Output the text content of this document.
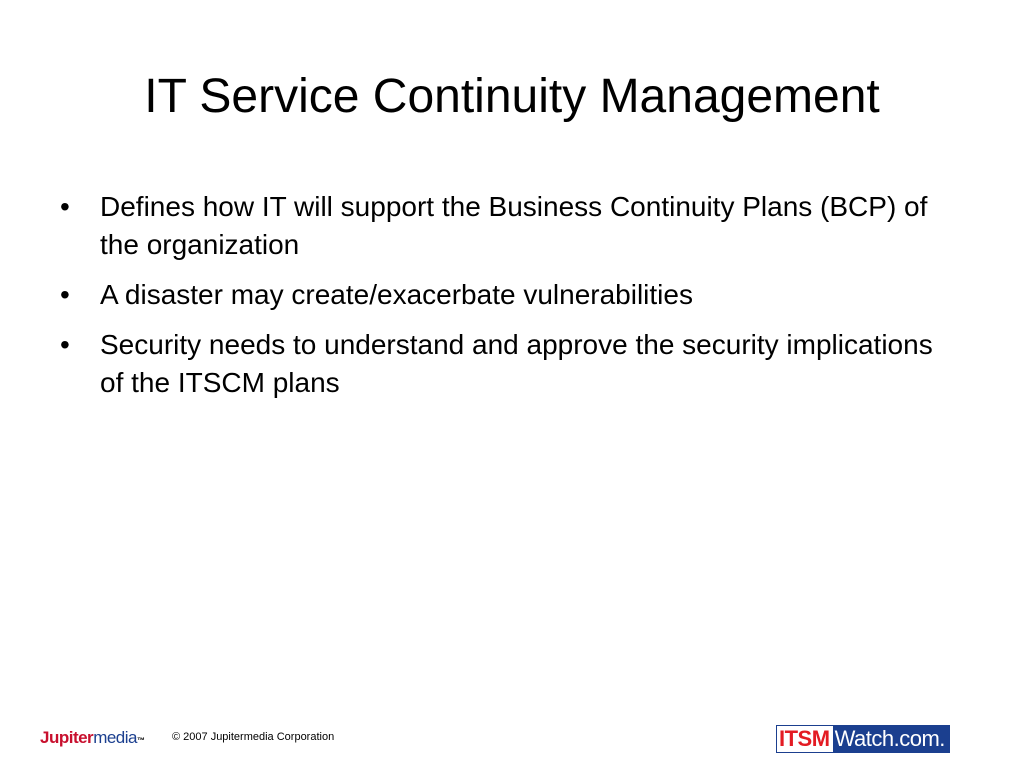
IT Service Continuity Management
•	Defines how IT will support the Business Continuity Plans (BCP) of the organization
•	A disaster may create/exacerbate vulnerabilities
•	Security needs to understand and approve the security implications of the ITSCM plans
Jupitermedia™	© 2007 Jupitermedia Corporation	ITSM Watch.com.
